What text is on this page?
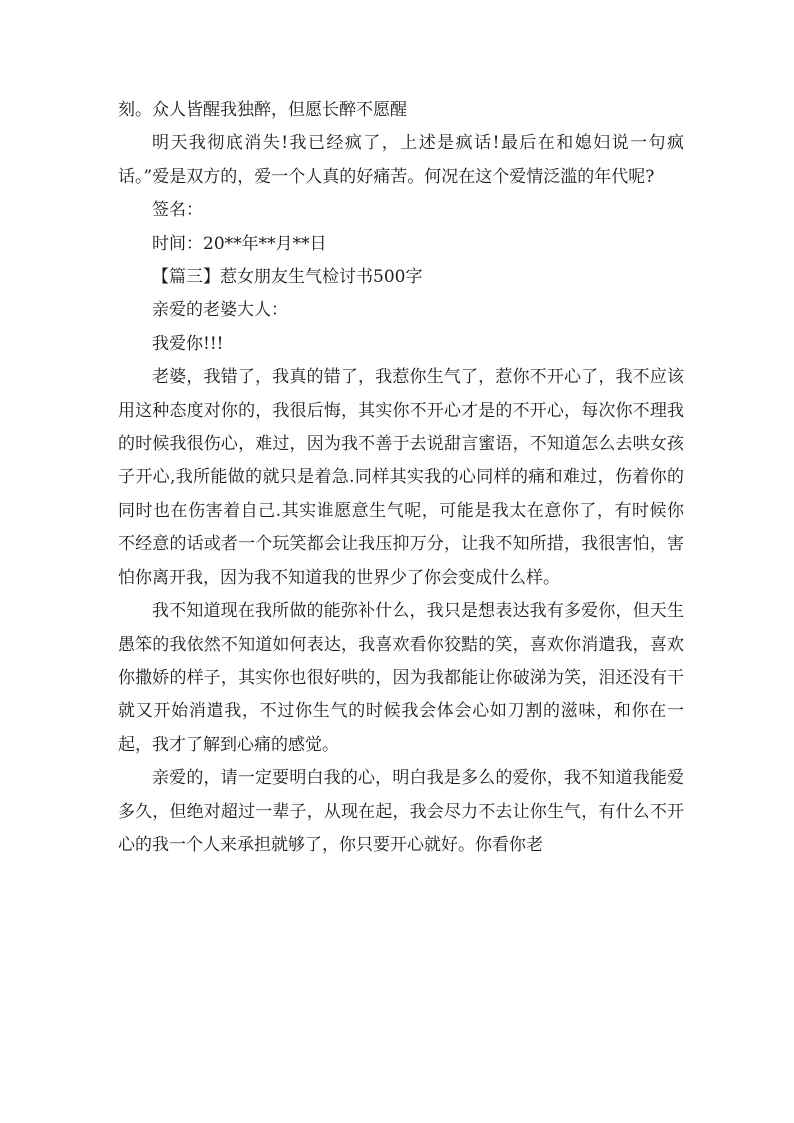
刻。众人皆醒我独醉，但愿长醉不愿醒

明天我彻底消失!我已经疯了，上述是疯话!最后在和媳妇说一句疯话。”爱是双方的，爱一个人真的好痛苦。何况在这个爱情泛滥的年代呢?

签名：

时间：20**年**月**日

【篇三】惹女朋友生气检讨书500字

亲爱的老婆大人：

我爱你!!!

老婆，我错了，我真的错了，我惹你生气了，惹你不开心了，我不应该用这种态度对你的，我很后悔，其实你不开心才是的不开心，每次你不理我的时候我很伤心，难过，因为我不善于去说甜言蜜语，不知道怎么去哄女孩子开心,我所能做的就只是着急.同样其实我的心同样的痛和难过，伤着你的同时也在伤害着自己.其实谁愿意生气呢，可能是我太在意你了，有时候你不经意的话或者一个玩笑都会让我压抑万分，让我不知所措，我很害怕，害怕你离开我，因为我不知道我的世界少了你会变成什么样。

我不知道现在我所做的能弥补什么，我只是想表达我有多爱你，但天生愚笨的我依然不知道如何表达，我喜欢看你狡黠的笑，喜欢你消遣我，喜欢你撒娇的样子，其实你也很好哄的，因为我都能让你破涕为笑，泪还没有干就又开始消遣我，不过你生气的时候我会体会心如刀割的滋味，和你在一起，我才了解到心痛的感觉。

亲爱的，请一定要明白我的心，明白我是多么的爱你，我不知道我能爱多久，但绝对超过一辈子，从现在起，我会尽力不去让你生气，有什么不开心的我一个人来承担就够了，你只要开心就好。你看你老
